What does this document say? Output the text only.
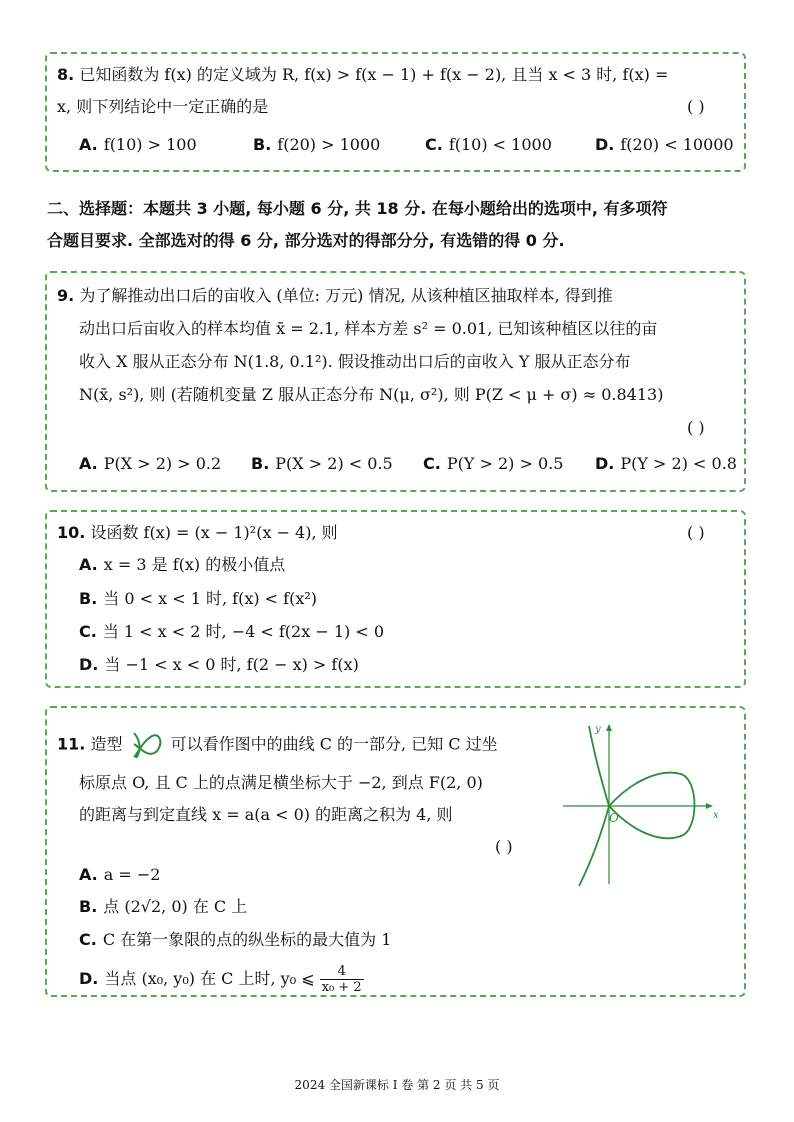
8. 已知函数为 f(x) 的定义域为 R, f(x) > f(x − 1) + f(x − 2), 且当 x < 3 时, f(x) =
x, 则下列结论中一定正确的是	( )
A. f(10) > 100	B. f(20) > 1000	C. f(10) < 1000	D. f(20) < 10000
二、选择题：本题共 3 小题, 每小题 6 分, 共 18 分. 在每小题给出的选项中, 有多项符
合题目要求. 全部选对的得 6 分, 部分选对的得部分分, 有选错的得 0 分.
9. 为了解推动出口后的亩收入 (单位: 万元) 情况, 从该种植区抽取样本, 得到推
动出口后亩收入的样本均值 x̄ = 2.1, 样本方差 s² = 0.01, 已知该种植区以往的亩
收入 X 服从正态分布 N(1.8, 0.1²). 假设推动出口后的亩收入 Y 服从正态分布
N(x̄, s²), 则 (若随机变量 Z 服从正态分布 N(μ, σ²), 则 P(Z < μ + σ) ≈ 0.8413)
( )
A. P(X > 2) > 0.2 B. P(X > 2) < 0.5 C. P(Y > 2) > 0.5 D. P(Y > 2) < 0.8
10. 设函数 f(x) = (x − 1)²(x − 4), 则	( )
A. x = 3 是 f(x) 的极小值点
B. 当 0 < x < 1 时, f(x) < f(x²)
C. 当 1 < x < 2 时, −4 < f(2x − 1) < 0
D. 当 −1 < x < 0 时, f(2 − x) > f(x)
11. 造型	可以看作图中的曲线 C 的一部分, 已知 C 过坐
标原点 O, 且 C 上的点满足横坐标大于 −2, 到点 F(2, 0)
的距离与到定直线 x = a(a < 0) 的距离之积为 4, 则
( )
A. a = −2
B. 点 (2√2, 0) 在 C 上
C. C 在第一象限的点的纵坐标的最大值为 1
D. 当点 (x₀, y₀) 在 C 上时, y₀ ⩽ $\frac{4}{\text{x₀ + 2}}$
x
y
O
2024 全国新课标 I 卷 第 2 页 共 5 页
